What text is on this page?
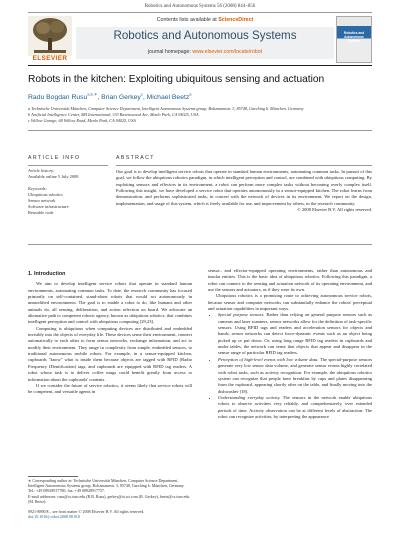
Robotics and Autonomous Systems 56 (2008) 844–856
ELSEVIER
Contents lists available at ScienceDirect
Robotics and Autonomous Systems
journal homepage: www.elsevier.com/locate/robot
Robotics and Autonomous Systems
Robots in the kitchen: Exploiting ubiquitous sensing and actuation
Radu Bogdan Rusu$^{a,b,∗}$, Brian Gerkey$^c$, Michael Beetz$^a$
a Technische Universität München, Computer Science Department, Intelligent Autonomous Systems group, Boltzmannstr. 3, 85748, Garching b. München, Germany
b Artificial Intelligence Center, SRI International, 333 Ravenswood Ave, Menlo Park, CA 94025, USA
c Willow Garage, 68 Willow Road, Menlo Park, CA 94025, USA
ARTICLE INFO	ABSTRACT
Article history:
Available online 5 July 2008
Keywords:
Ubiquitous robotics
Sensor network
Software infrastructure
Reusable code
Our goal is to develop intelligent service robots that operate in standard human environments, automating common tasks. In pursuit of this goal, we follow the ubiquitous robotics paradigm, in which intelligent perception and control, are combined with ubiquitous computing. By exploiting sensors and effectors in its environment, a robot can perform more complex tasks without becoming overly complex itself. Following this insight, we have developed a service robot that operates autonomously in a sensor-equipped kitchen. The robot learns from demonstration, and performs sophisticated tasks, in concert with the network of devices in its environment. We report on the design, implementation, and usage of this system, which is freely available for use, and improvement by others, in the research community.
© 2008 Elsevier B.V. All rights reserved.
1. Introduction

We aim to develop intelligent service robots that operate in standard human environments, automating common tasks. To date, the research community has focused primarily on self-contained, stand-alone robots that would act autonomously in unmodified environments. The goal is to enable a robot to do, like humans and other animals do, all sensing, deliberation, and action selection on board. We advocate an alternative path to competent robotic agency, known as ubiquitous robotics, that combines intelligent perception and control with ubiquitous computing [29,23].

Computing is ubiquitous when computing devices are distributed and embedded invisibly into the objects of everyday life. These devices sense their environment, connect automatically to each other to form sensor networks, exchange information, and act to modify their environment. They range in complexity from simple, embedded sensors, to traditional autonomous mobile robots. For example, in a sensor-equipped kitchen, cupboards "know" what is inside them because objects are tagged with RFID (Radio Frequency IDentification) tags, and cupboards are equipped with RFID tag readers. A robot whose task is to deliver coffee mugs could benefit greatly from access to information about the cupboards' contents.

If we consider the future of service robotics, it seems likely that service robots will be competent, and versatile agents in

sensor– and effector-equipped operating environments, rather than autonomous and insular entities. This is the basic idea of ubiquitous robotics. Following this paradigm, a robot can connect to the sensing and actuation network of its operating environment, and use the sensors and actuators, as if they were its own.

Ubiquitous robotics is a promising route to achieving autonomous service robots, because sensor and computer networks can substantially enhance the robots' perceptual and actuation capabilities in important ways.

• Special purpose sensors. Rather than relying on general purpose sensors such as cameras and laser scanners, sensor networks allow for the definition of task-specific sensors. Using RFID tags and readers and acceleration sensors for objects and hands, sensor networks can detect force-dynamic events such as an object being picked up or put down. Or, using long range RFID tag readers in cupboards and under tables, the network can sense that objects that appear and disappear in the sensor range of particular RFID tag readers.
• Perception of high-level events with low volume data. The special-purpose sensors generate very low sensor data volume, and generate sensor events highly correlated with robot tasks, such as activity recognition. For example, the ubiquitous robotics system can recognize that people have breakfast by cups and plates disappearing from the cupboard, appearing shortly after on the table, and finally moving into the dishwasher [18].
• Understanding everyday activity. The sensors in the network enable ubiquitous robots to observe activities very reliably, and comprehensively, over extended periods of time. Activity observation can be at different levels of abstraction. The robot can recognize activities, by interpreting the appearance
∗ Corresponding author at: Technische Universität München, Computer Science Department, Intelligent Autonomous Systems group, Boltzmannstr. 3, 85748, Garching b. München, Germany. Tel.: +49 08928917780; fax: +49 08928917757.
E-mail addresses: rusu@cs.tum.edu (R.B. Rusu), gerkey@ai.sri.com (B. Gerkey), beetz@cs.tum.edu (M. Beetz).
0921-8890/$ – see front matter © 2008 Elsevier B.V. All rights reserved.
doi:10.1016/j.robot.2008.08.010
